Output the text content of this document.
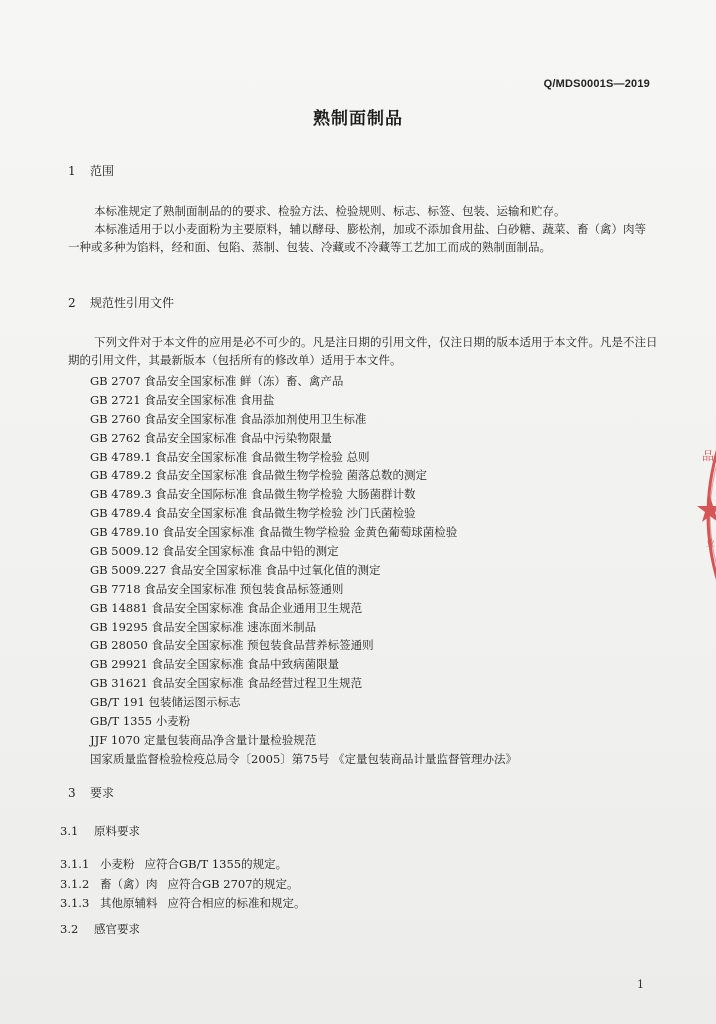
Q/MDS0001S—2019
熟制面制品
1 范围
本标准规定了熟制面制品的的要求、检验方法、检验规则、标志、标签、包装、运输和贮存。
本标准适用于以小麦面粉为主要原料，辅以酵母、膨松剂，加或不添加食用盐、白砂糖、蔬菜、畜（禽）肉等一种或多种为馅料，经和面、包陷、蒸制、包装、冷藏或不冷藏等工艺加工而成的熟制面制品。
2 规范性引用文件
下列文件对于本文件的应用是必不可少的。凡是注日期的引用文件，仅注日期的版本适用于本文件。凡是不注日期的引用文件，其最新版本（包括所有的修改单）适用于本文件。
GB 2707 食品安全国家标准 鲜（冻）畜、禽产品
GB 2721 食品安全国家标准 食用盐
GB 2760 食品安全国家标准 食品添加剂使用卫生标准
GB 2762 食品安全国家标准 食品中污染物限量
GB 4789.1 食品安全国家标准 食品微生物学检验 总则
GB 4789.2 食品安全国家标准 食品微生物学检验 菌落总数的测定
GB 4789.3 食品安全国际标准 食品微生物学检验 大肠菌群计数
GB 4789.4 食品安全国家标准 食品微生物学检验 沙门氏菌检验
GB 4789.10 食品安全国家标准 食品微生物学检验 金黄色葡萄球菌检验
GB 5009.12 食品安全国家标准 食品中铅的测定
GB 5009.227 食品安全国家标准 食品中过氧化值的测定
GB 7718 食品安全国家标准 预包装食品标签通则
GB 14881 食品安全国家标准 食品企业通用卫生规范
GB 19295 食品安全国家标准 速冻面米制品
GB 28050 食品安全国家标准 预包装食品营养标签通则
GB 29921 食品安全国家标准 食品中致病菌限量
GB 31621 食品安全国家标准 食品经营过程卫生规范
GB/T 191 包装储运图示标志
GB/T 1355 小麦粉
JJF 1070 定量包装商品净含量计量检验规范
国家质量监督检验检疫总局令〔2005〕第75号 《定量包装商品计量监督管理办法》
3 要求
3.1 原料要求
3.1.1 小麦粉 应符合GB/T 1355的规定。
3.1.2 畜（禽）肉 应符合GB 2707的规定。
3.1.3 其他原辅料 应符合相应的标准和规定。
3.2 感官要求
1
品
业
